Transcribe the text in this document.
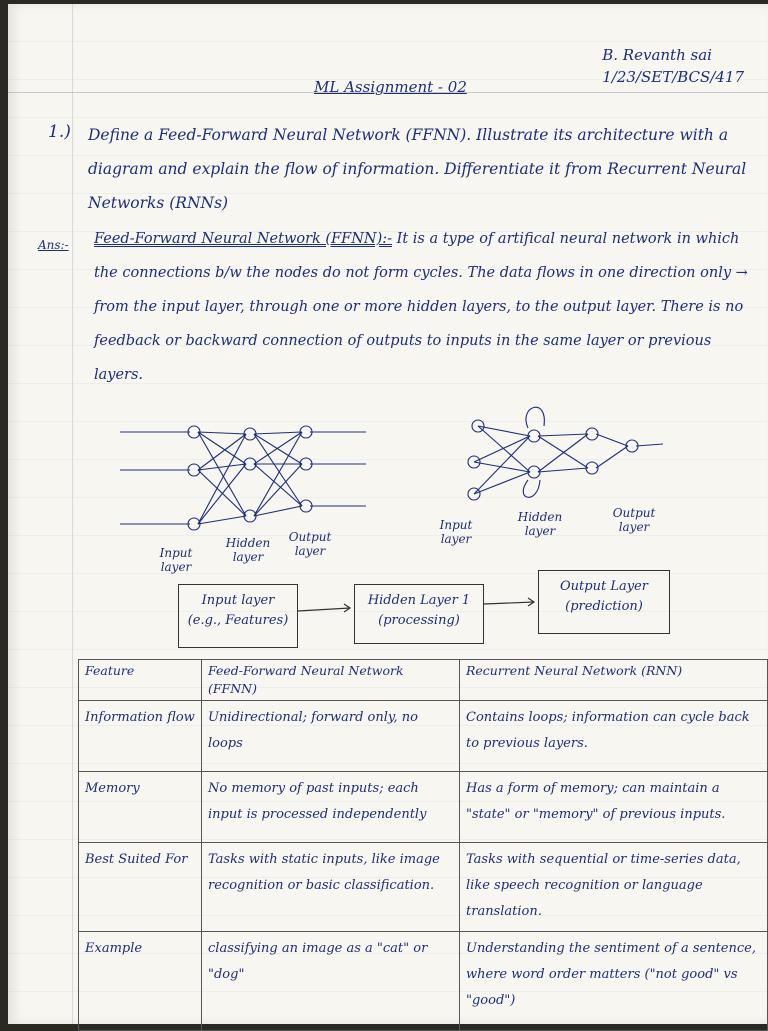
B. Revanth sai
1/23/SET/BCS/417
ML Assignment - 02
1.) Define a Feed-Forward Neural Network (FFNN). Illustrate its architecture with a diagram and explain the flow of information. Differentiate it from Recurrent Neural Networks (RNNs)
Ans:- Feed-Forward Neural Network (FFNN):- It is a type of artifical neural network in which the connections b/w the nodes do not form cycles. The data flows in one direction only → from the input layer, through one or more hidden layers, to the output layer. There is no feedback or backward connection of outputs to inputs in the same layer or previous layers.
Input layer
Hidden layer
Output layer
Input layer
Hidden layer
Output layer
Input layer
(e.g., Features)
Hidden Layer 1
(processing)
Output Layer
(prediction)
Feature	Feed-Forward Neural Network (FFNN)	Recurrent Neural Network (RNN)
Information flow	Unidirectional; forward only, no loops	Contains loops; information can cycle back to previous layers.
Memory	No memory of past inputs; each input is processed independently	Has a form of memory; can maintain a "state" or "memory" of previous inputs.
Best Suited For	Tasks with static inputs, like image recognition or basic classification.	Tasks with sequential or time-series data, like speech recognition or language translation.
Example	classifying an image as a "cat" or "dog"	Understanding the sentiment of a sentence, where word order matters ("not good" vs "good")
